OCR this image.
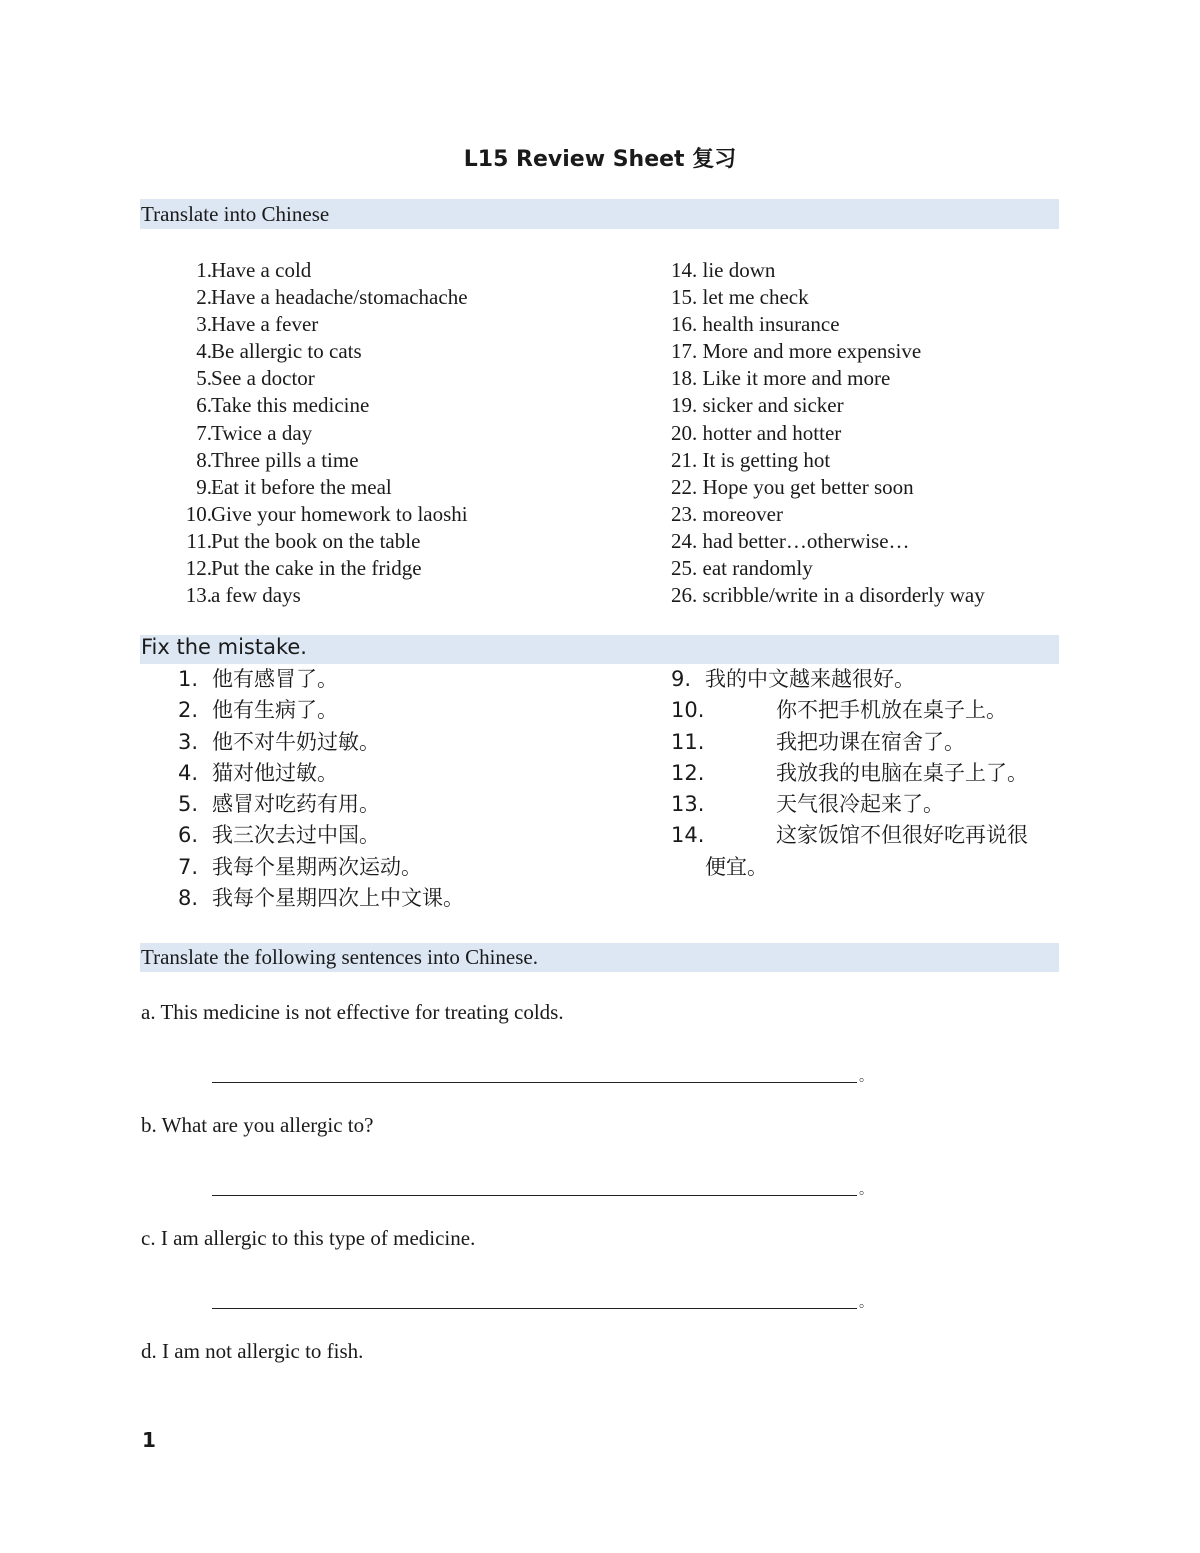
L15 Review Sheet 复习
Translate into Chinese
1. Have a cold
2. Have a headache/stomachache
3. Have a fever
4. Be allergic to cats
5. See a doctor
6. Take this medicine
7. Twice a day
8. Three pills a time
9. Eat it before the meal
10. Give your homework to laoshi
11. Put the book on the table
12. Put the cake in the fridge
13. a few days
14. lie down
15. let me check
16. health insurance
17. More and more expensive
18. Like it more and more
19. sicker and sicker
20. hotter and hotter
21. It is getting hot
22. Hope you get better soon
23. moreover
24. had better…otherwise…
25. eat randomly
26. scribble/write in a disorderly way
Fix the mistake.
1. 他有感冒了。
2. 他有生病了。
3. 他不对牛奶过敏。
4. 猫对他过敏。
5. 感冒对吃药有用。
6. 我三次去过中国。
7. 我每个星期两次运动。
8. 我每个星期四次上中文课。
9. 我的中文越来越很好。
10.	你不把手机放在桌子上。
11.	我把功课在宿舍了。
12.	我放我的电脑在桌子上了。
13.	天气很冷起来了。
14.	这家饭馆不但很好吃再说很
便宜。
Translate the following sentences into Chinese.
a. This medicine is not effective for treating colds.
。
b. What are you allergic to?
。
c. I am allergic to this type of medicine.
。
d. I am not allergic to fish.
1
